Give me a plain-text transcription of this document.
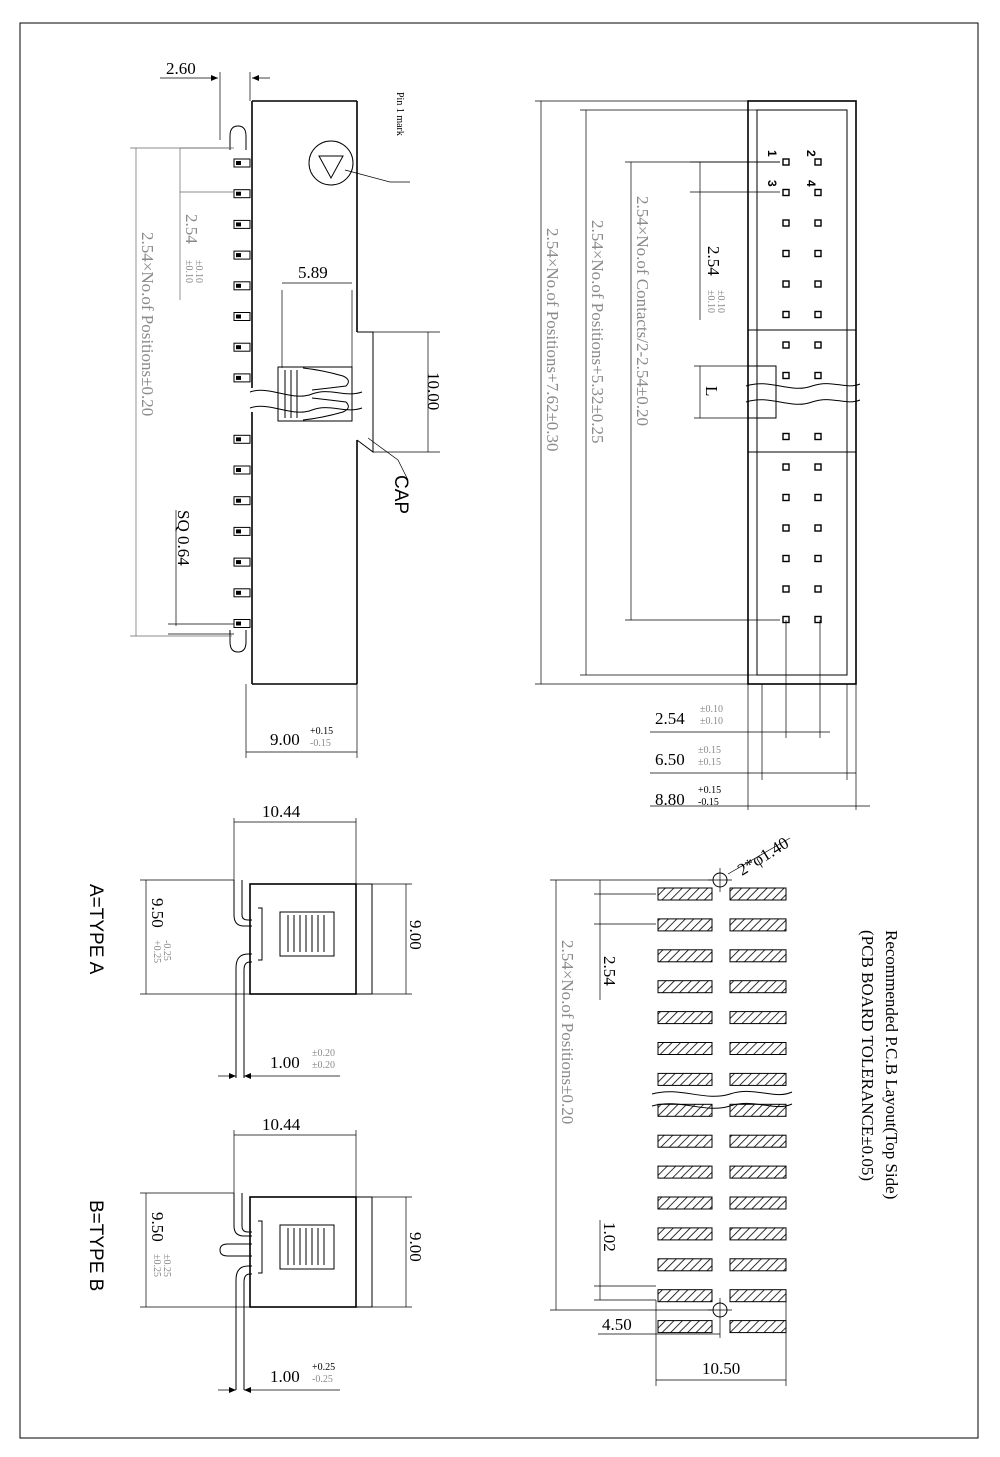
Pin 1 mark
2.60
2.54
±0.10 ±0.10
2.54×No.of Positions±0.20	5.89
10.00
CAP
SQ 0.64
9.00 +0.15
-0.15
1 2
3 4
2.54×No.of Contacts/2-2.54±0.20
2.54×No.of Positions+5.32±0.25
2.54×No.of Positions+7.62±0.30	2.54
±0.10 ±0.10
L
2.54 ±0.10
±0.10
6.50 ±0.15
±0.15
8.80 +0.15
-0.15
10.44
9.50
+0.25 -0.25
9.00
1.00 ±0.20
±0.20
A=TYPE A
10.44
9.50
±0.25 ±0.25
9.00
1.00 +0.25
-0.25
B=TYPE B
2*φ1.40
2.54×No.of Positions±0.20 2.54
1.02
4.50
10.50
Recommended P.C.B Layout(Top Side)
(PCB BOARD TOLERANCE±0.05)
